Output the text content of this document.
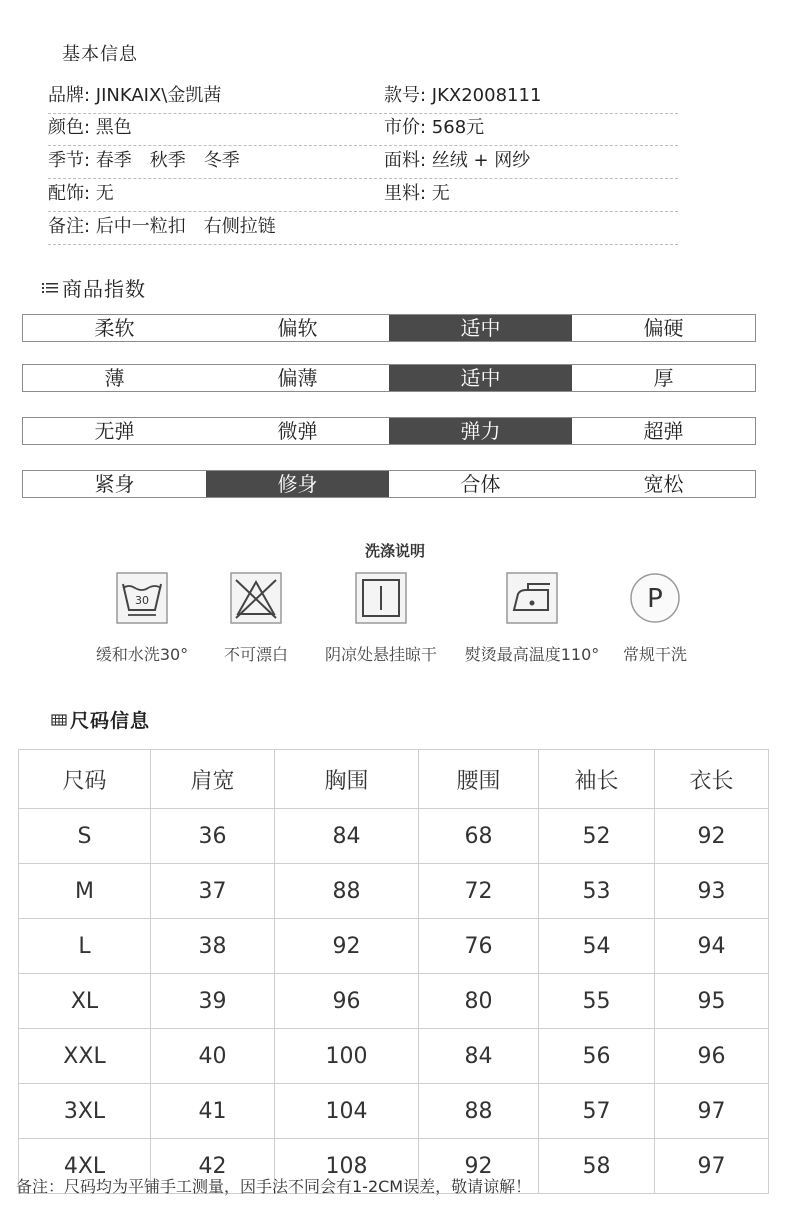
基本信息
品牌: JINKAIX\金凯茜	款号: JKX2008111
颜色: 黑色	市价: 568元
季节: 春季　秋季　冬季	面料: 丝绒 + 网纱
配饰: 无	里料: 无
备注: 后中一粒扣　右侧拉链
商品指数
柔软	偏软	适中	偏硬
薄	偏薄	适中	厚
无弹	微弹	弹力	超弹
紧身	修身	合体	宽松
洗涤说明
30
缓和水洗30°	不可漂白	阴凉处悬挂晾干	熨烫最高温度110°
P
常规干洗
尺码信息
尺码	肩宽	胸围	腰围	袖长	衣长
S	36	84	68	52	92
M	37	88	72	53	93
L	38	92	76	54	94
XL	39	96	80	55	95
XXL	40	100	84	56	96
3XL	41	104	88	57	97
4XL	42	108	92	58	97
备注：尺码均为平铺手工测量，因手法不同会有1-2CM误差，敬请谅解！
